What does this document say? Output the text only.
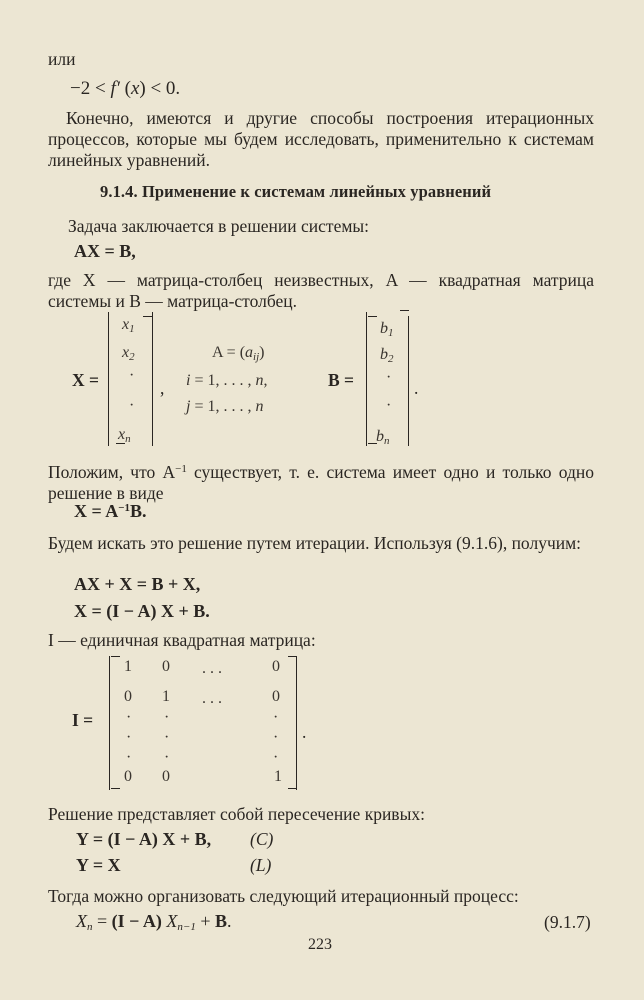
или
−2 < f′ (x) < 0.
Конечно, имеются и другие способы построения итерационных процессов, которые мы будем исследовать, применительно к системам линейных уравнений.
9.1.4. Применение к системам линейных уравнений
Задача заключается в решении системы:
AX = B,
где X — матрица-столбец неизвестных, A — квадратная матрица системы и B — матрица-столбец.
X =
$x_1$
$x_2$
·
·
$x_n$
,
$A = (a_{ij})$
i = 1, . . . , n,
j = 1, . . . , n
B =
$b_1$
$b_2$
·
·
$b_n$
.
Положим, что $A^{-1}$ существует, т. е. система имеет одно и только одно решение в виде
$X = A^{-1}B$.
Будем искать это решение путем итерации. Используя (9.1.6), получим:
AX + X = B + X,
X = (I − A) X + B.
I — единичная квадратная матрица:
I =
1 0 . . .	0
0 1 . . .	0
· ·	·
· ·	·
· ·	·
0 0	1
.
Решение представляет собой пересечение кривых:
Y = (I − A) X + B, (C)
Y = X	(L)
Тогда можно организовать следующий итерационный процесс:
$X_n = (I - A) X_{n-1} + B$.	(9.1.7)
223
